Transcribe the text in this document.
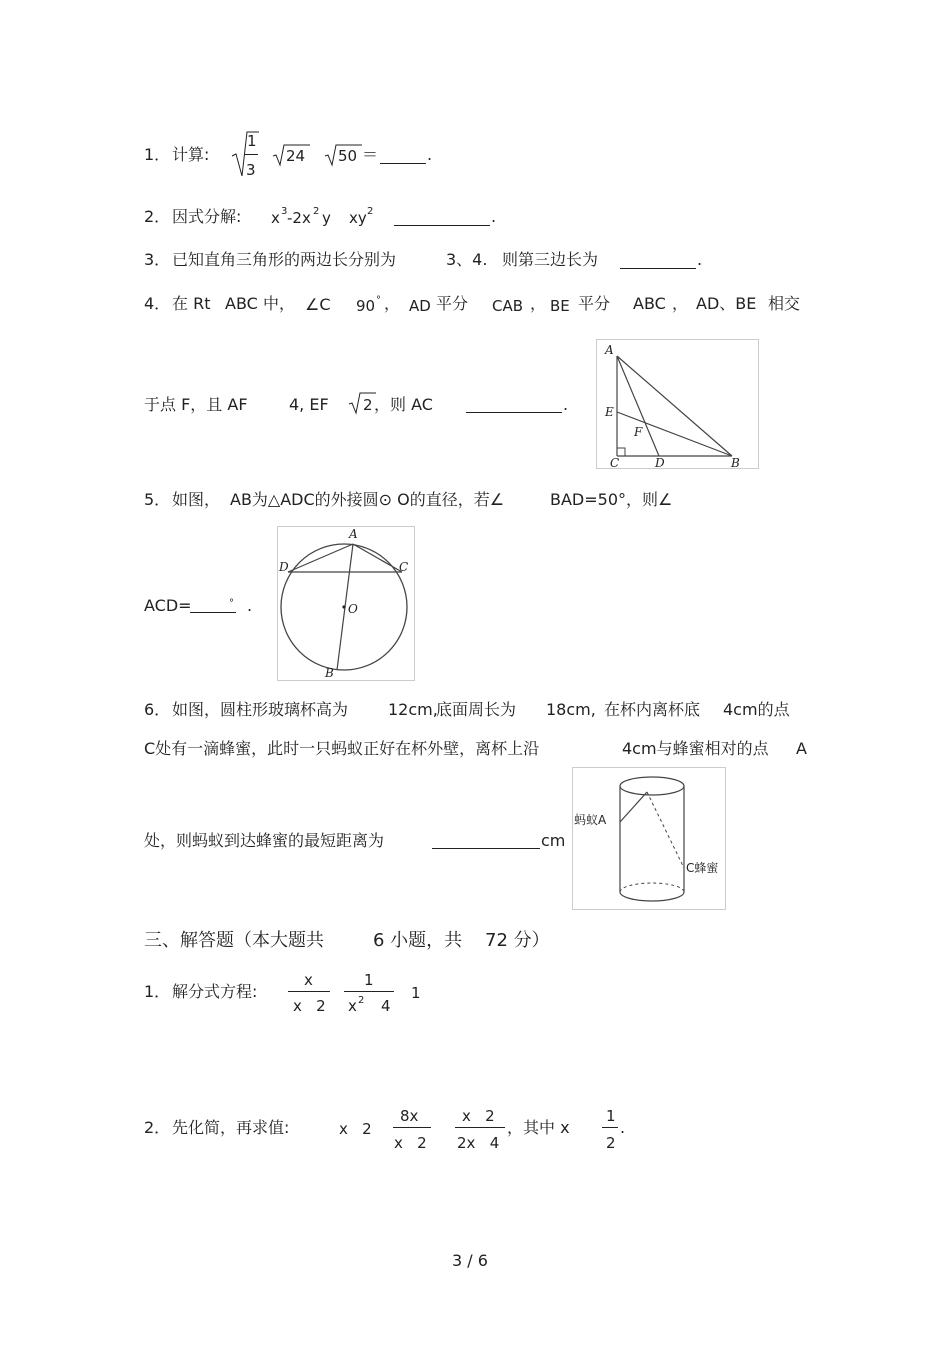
1． 计算:
1
3
24 50 ＝	.
2． 因式分解: x 3 -2x 2 y xy 2	.
3． 已知直角三角形的两边长分别为	3、4. 则第三边长为	.
4． 在 Rt ABC 中， ∠C 90 ° ， AD 平分 CAB ， BE 平分 ABC ， AD、BE 相交
于点 F，且 AF	4, EF 2 ，则 AC	.
A
E
F
C	D	B
5． 如图， AB为△ADC的外接圆⊙ O的直径，若∠	BAD=50°，则∠
ACD=	° .
A
D	C
O
B
6． 如图，圆柱形玻璃杯高为 12cm,
底面周长为 18cm, 在杯内离杯底 4cm的点
C处有一滴蜂蜜，此时一只蚂蚁正好在杯外壁，离杯上沿	4cm与蜂蜜相对的点 A
处，则蚂蚁到达蜂蜜的最短距离为	cm
蚂蚁A
C蜂蜜
三、解答题（本大题共	6 小题，共 72 分）
1． 解分式方程:
x
x   2
1
x 2 4
1
2． 先化简，再求值:	x   2
8x
x   2
x   2
2x   4
，其中 x
1
2
.
3 / 6
